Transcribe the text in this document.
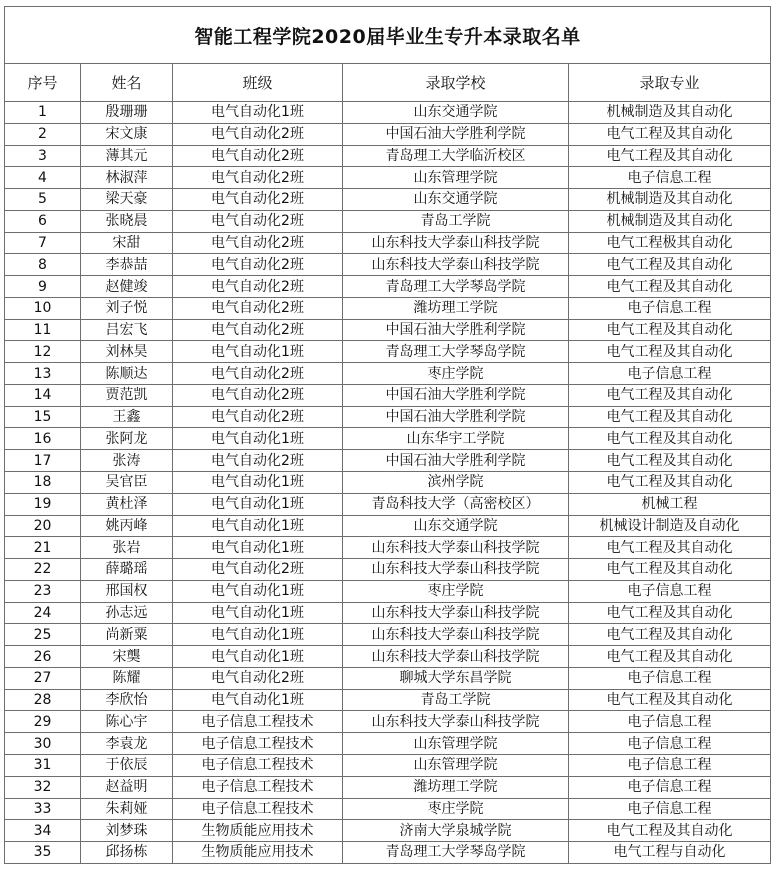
智能工程学院2020届毕业生专升本录取名单				
序号	姓名	班级	录取学校	录取专业
1	殷珊珊	电气自动化1班	山东交通学院	机械制造及其自动化
2	宋文康	电气自动化2班	中国石油大学胜利学院	电气工程及其自动化
3	薄其元	电气自动化2班	青岛理工大学临沂校区	电气工程及其自动化
4	林淑萍	电气自动化2班	山东管理学院	电子信息工程
5	梁天豪	电气自动化2班	山东交通学院	机械制造及其自动化
6	张晓晨	电气自动化2班	青岛工学院	机械制造及其自动化
7	宋甜	电气自动化2班	山东科技大学泰山科技学院	电气工程极其自动化
8	李恭喆	电气自动化2班	山东科技大学泰山科技学院	电气工程及其自动化
9	赵健竣	电气自动化2班	青岛理工大学琴岛学院	电气工程及其自动化
10	刘子悦	电气自动化2班	潍坊理工学院	电子信息工程
11	吕宏飞	电气自动化2班	中国石油大学胜利学院	电气工程及其自动化
12	刘林昊	电气自动化1班	青岛理工大学琴岛学院	电气工程及其自动化
13	陈顺达	电气自动化2班	枣庄学院	电子信息工程
14	贾范凯	电气自动化2班	中国石油大学胜利学院	电气工程及其自动化
15	王鑫	电气自动化2班	中国石油大学胜利学院	电气工程及其自动化
16	张阿龙	电气自动化1班	山东华宇工学院	电气工程及其自动化
17	张涛	电气自动化2班	中国石油大学胜利学院	电气工程及其自动化
18	吴官臣	电气自动化1班	滨州学院	电气工程及其自动化
19	黄杜泽	电气自动化1班	青岛科技大学（高密校区）	机械工程
20	姚丙峰	电气自动化1班	山东交通学院	机械设计制造及自动化
21	张岩	电气自动化1班	山东科技大学泰山科技学院	电气工程及其自动化
22	薛璐瑶	电气自动化2班	山东科技大学泰山科技学院	电气工程及其自动化
23	邢国权	电气自动化1班	枣庄学院	电子信息工程
24	孙志远	电气自动化1班	山东科技大学泰山科技学院	电气工程及其自动化
25	尚新粟	电气自动化1班	山东科技大学泰山科技学院	电气工程及其自动化
26	宋龑	电气自动化1班	山东科技大学泰山科技学院	电气工程及其自动化
27	陈耀	电气自动化2班	聊城大学东昌学院	电子信息工程
28	李欣怡	电气自动化1班	青岛工学院	电气工程及其自动化
29	陈心宇	电子信息工程技术	山东科技大学泰山科技学院	电子信息工程
30	李袁龙	电子信息工程技术	山东管理学院	电子信息工程
31	于依辰	电子信息工程技术	山东管理学院	电子信息工程
32	赵益明	电子信息工程技术	潍坊理工学院	电子信息工程
33	朱莉娅	电子信息工程技术	枣庄学院	电子信息工程
34	刘梦珠	生物质能应用技术	济南大学泉城学院	电气工程及其自动化
35	邱扬栋	生物质能应用技术	青岛理工大学琴岛学院	电气工程与自动化
